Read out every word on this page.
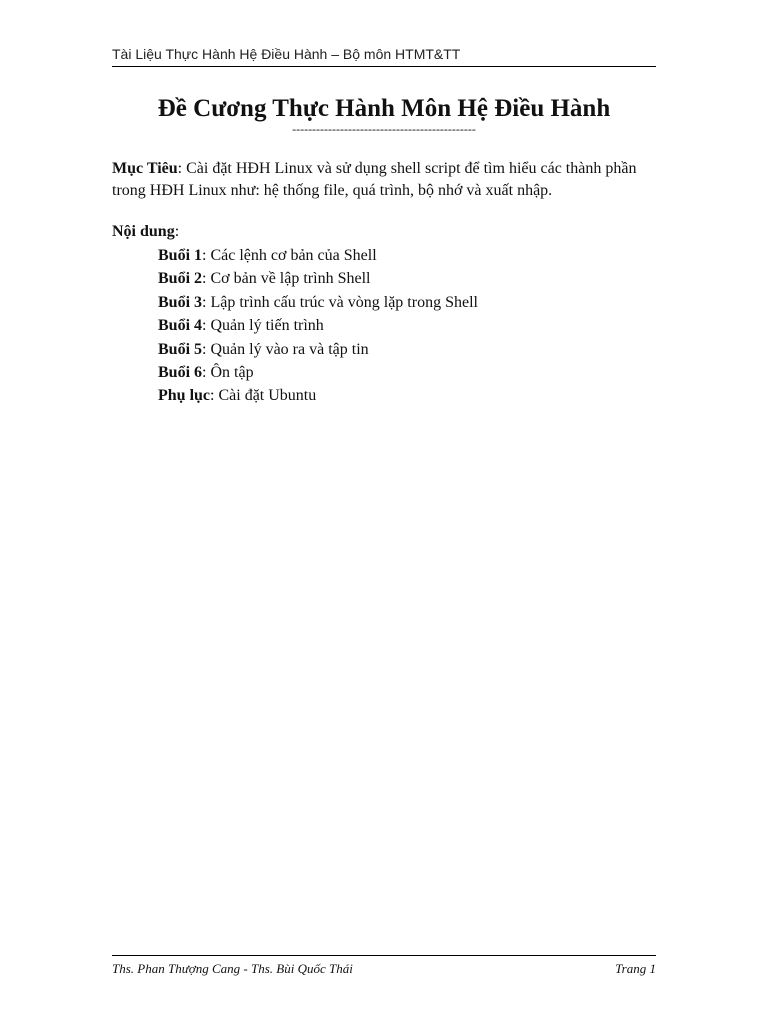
Tài Liệu Thực Hành Hệ Điều Hành – Bộ môn HTMT&TT
Đề Cương Thực Hành Môn Hệ Điều Hành
----------------------------------------------
Mục Tiêu: Cài đặt HĐH Linux và sử dụng shell script để tìm hiểu các thành phần trong HĐH Linux như: hệ thống file, quá trình, bộ nhớ và xuất nhập.
Nội dung:
Buổi 1: Các lệnh cơ bản của Shell
Buổi 2: Cơ bản về lập trình Shell
Buổi 3: Lập trình cấu trúc và vòng lặp trong Shell
Buổi 4: Quản lý tiến trình
Buổi 5: Quản lý vào ra và tập tin
Buổi 6: Ôn tập
Phụ lục: Cài đặt Ubuntu
Ths. Phan Thượng Cang - Ths. Bùi Quốc Thái	Trang 1
